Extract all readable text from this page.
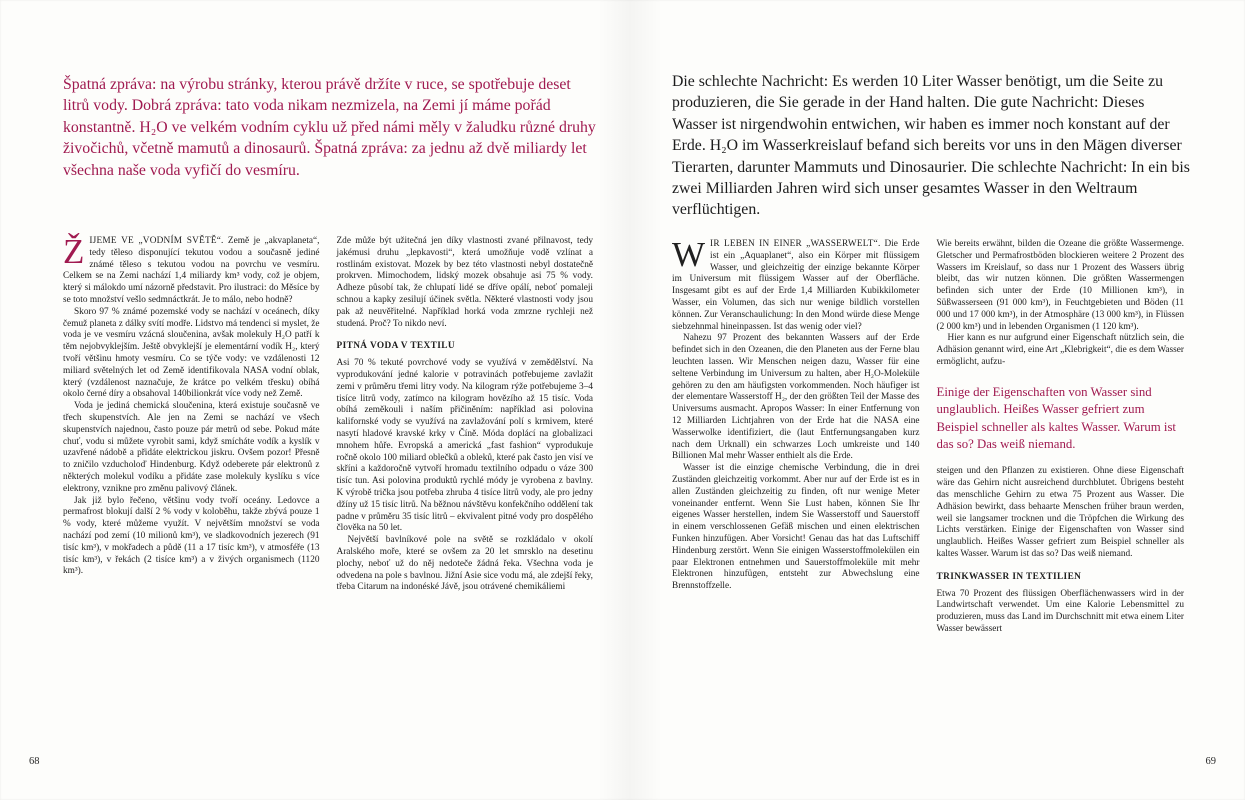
Špatná zpráva: na výrobu stránky, kterou právě držíte v ruce, se spotřebuje deset litrů vody. Dobrá zpráva: tato voda nikam nezmizela, na Zemi jí máme pořád konstantně. H₂O ve velkém vodním cyklu už před námi měly v žaludku různé druhy živočichů, včetně mamutů a dinosaurů. Špatná zpráva: za jednu až dvě miliardy let všechna naše voda vyfičí do vesmíru.

ŽIJEME VE „VODNÍM SVĚTĚ“. Země je „akvaplaneta“, tedy těleso disponující tekutou vodou a současně jediné známé těleso s tekutou vodou na povrchu ve vesmíru. Celkem se na Zemi nachází 1,4 miliardy km³ vody, což je objem, který si málokdo umí názorně představit. Pro ilustraci: do Měsíce by se toto množství vešlo sedmnáctkrát. Je to málo, nebo hodně?

Skoro 97 % známé pozemské vody se nachází v oceánech, díky čemuž planeta z dálky svítí modře. Lidstvo má tendenci si myslet, že voda je ve vesmíru vzácná sloučenina, avšak molekuly H₂O patří k těm nejobvyklejším. Ještě obvyklejší je elementární vodík H₂, který tvoří většinu hmoty vesmíru. Co se týče vody: ve vzdálenosti 12 miliard světelných let od Země identifikovala NASA vodní oblak, který (vzdálenost naznačuje, že krátce po velkém třesku) obíhá okolo černé díry a obsahoval 140bilionkrát více vody než Země.

Voda je jediná chemická sloučenina, která existuje současně ve třech skupenstvích. Ale jen na Zemi se nachází ve všech skupenstvích najednou, často pouze pár metrů od sebe. Pokud máte chuť, vodu si můžete vyrobit sami, když smícháte vodík a kyslík v uzavřené nádobě a přidáte elektrickou jiskru. Ovšem pozor! Přesně to zničilo vzducholoď Hindenburg. Když odeberete pár elektronů z některých molekul vodíku a přidáte zase molekuly kyslíku s více elektrony, vznikne pro změnu palivový článek.

Jak již bylo řečeno, většinu vody tvoří oceány. Ledovce a permafrost blokují další 2 % vody v koloběhu, takže zbývá pouze 1 % vody, které můžeme využít. V největším množství se voda nachází pod zemí (10 milionů km³), ve sladkovodních jezerech (91 tisíc km³), v mokřadech a půdě (11 a 17 tisíc km³), v atmosféře (13 tisíc km³), v řekách (2 tisíce km³) a v živých organismech (1120 km³).

Zde může být užitečná jen díky vlastnosti zvané přilnavost, tedy jakémusi druhu „lepkavosti“, která umožňuje vodě vzlínat a rostlinám existovat. Mozek by bez této vlastnosti nebyl dostatečně prokrven. Mimochodem, lidský mozek obsahuje asi 75 % vody. Adheze působí tak, že chlupatí lidé se dříve opálí, neboť pomaleji schnou a kapky zesilují účinek světla. Některé vlastnosti vody jsou pak až neuvěřitelné. Například horká voda zmrzne rychleji než studená. Proč? To nikdo neví.

PITNÁ VODA V TEXTILU

Asi 70 % tekuté povrchové vody se využívá v zemědělství. Na vyprodukování jedné kalorie v potravinách potřebujeme zavlažit zemi v průměru třemi litry vody. Na kilogram rýže potřebujeme 3–4 tisíce litrů vody, zatímco na kilogram hovězího až 15 tisíc. Voda obíhá zeměkouli i naším přičiněním: například asi polovina kalifornské vody se využívá na zavlažování polí s krmivem, které nasytí hladové kravské krky v Číně. Móda doplácí na globalizaci mnohem hůře. Evropská a americká „fast fashion“ vyprodukuje ročně okolo 100 miliard oblečků a obleků, které pak často jen visí ve skříni a každoročně vytvoří hromadu textilního odpadu o váze 300 tisíc tun. Asi polovina produktů rychlé módy je vyrobena z bavlny. K výrobě trička jsou potřeba zhruba 4 tisíce litrů vody, ale pro jedny džíny už 15 tisíc litrů. Na běžnou návštěvu konfekčního oddělení tak padne v průměru 35 tisíc litrů – ekvivalent pitné vody pro dospělého člověka na 50 let.

Největší bavlníkové pole na světě se rozkládalo v okolí Aralského moře, které se ovšem za 20 let smrsklo na desetinu plochy, neboť už do něj nedoteče žádná řeka. Všechna voda je odvedena na pole s bavlnou. Jižní Asie sice vodu má, ale zdejší řeky, třeba Citarum na indonéské Jávě, jsou otrávené chemikáliemi

68
Die schlechte Nachricht: Es werden 10 Liter Wasser benötigt, um die Seite zu produzieren, die Sie gerade in der Hand halten. Die gute Nachricht: Dieses Wasser ist nirgendwohin entwichen, wir haben es immer noch konstant auf der Erde. H₂O im Wasserkreislauf befand sich bereits vor uns in den Mägen diverser Tierarten, darunter Mammuts und Dinosaurier. Die schlechte Nachricht: In ein bis zwei Milliarden Jahren wird sich unser gesamtes Wasser in den Weltraum verflüchtigen.

WIR LEBEN IN EINER „WASSERWELT“. Die Erde ist ein „Aquaplanet“, also ein Körper mit flüssigem Wasser, und gleichzeitig der einzige bekannte Körper im Universum mit flüssigem Wasser auf der Oberfläche. Insgesamt gibt es auf der Erde 1,4 Milliarden Kubikkilometer Wasser, ein Volumen, das sich nur wenige bildlich vorstellen können. Zur Veranschaulichung: In den Mond würde diese Menge siebzehnmal hineinpassen. Ist das wenig oder viel?

Nahezu 97 Prozent des bekannten Wassers auf der Erde befindet sich in den Ozeanen, die den Planeten aus der Ferne blau leuchten lassen. Wir Menschen neigen dazu, Wasser für eine seltene Verbindung im Universum zu halten, aber H₂O-Moleküle gehören zu den am häufigsten vorkommenden. Noch häufiger ist der elementare Wasserstoff H₂, der den größten Teil der Masse des Universums ausmacht. Apropos Wasser: In einer Entfernung von 12 Milliarden Lichtjahren von der Erde hat die NASA eine Wasserwolke identifiziert, die (laut Entfernungsangaben kurz nach dem Urknall) ein schwarzes Loch umkreiste und 140 Billionen Mal mehr Wasser enthielt als die Erde.

Wasser ist die einzige chemische Verbindung, die in drei Zuständen gleichzeitig vorkommt. Aber nur auf der Erde ist es in allen Zuständen gleichzeitig zu finden, oft nur wenige Meter voneinander entfernt. Wenn Sie Lust haben, können Sie Ihr eigenes Wasser herstellen, indem Sie Wasserstoff und Sauerstoff in einem verschlossenen Gefäß mischen und einen elektrischen Funken hinzufügen. Aber Vorsicht! Genau das hat das Luftschiff Hindenburg zerstört. Wenn Sie einigen Wasserstoffmolekülen ein paar Elektronen entnehmen und Sauerstoffmoleküle mit mehr Elektronen hinzufügen, entsteht zur Abwechslung eine Brennstoffzelle.

Wie bereits erwähnt, bilden die Ozeane die größte Wassermenge. Gletscher und Permafrostböden blockieren weitere 2 Prozent des Wassers im Kreislauf, so dass nur 1 Prozent des Wassers übrig bleibt, das wir nutzen können. Die größten Wassermengen befinden sich unter der Erde (10 Millionen km³), in Süßwasserseen (91 000 km³), in Feuchtgebieten und Böden (11 000 und 17 000 km³), in der Atmosphäre (13 000 km³), in Flüssen (2 000 km³) und in lebenden Organismen (1 120 km³).

Hier kann es nur aufgrund einer Eigenschaft nützlich sein, die Adhäsion genannt wird, eine Art „Klebrigkeit“, die es dem Wasser ermöglicht, aufzu-

Einige der Eigenschaften von Wasser sind unglaublich. Heißes Wasser gefriert zum Beispiel schneller als kaltes Wasser. Warum ist das so? Das weiß niemand.

steigen und den Pflanzen zu existieren. Ohne diese Eigenschaft wäre das Gehirn nicht ausreichend durchblutet. Übrigens besteht das menschliche Gehirn zu etwa 75 Prozent aus Wasser. Die Adhäsion bewirkt, dass behaarte Menschen früher braun werden, weil sie langsamer trocknen und die Tröpfchen die Wirkung des Lichts verstärken. Einige der Eigenschaften von Wasser sind unglaublich. Heißes Wasser gefriert zum Beispiel schneller als kaltes Wasser. Warum ist das so? Das weiß niemand.

TRINKWASSER IN TEXTILIEN

Etwa 70 Prozent des flüssigen Oberflächenwassers wird in der Landwirtschaft verwendet. Um eine Kalorie Lebensmittel zu produzieren, muss das Land im Durchschnitt mit etwa einem Liter Wasser bewässert

69
